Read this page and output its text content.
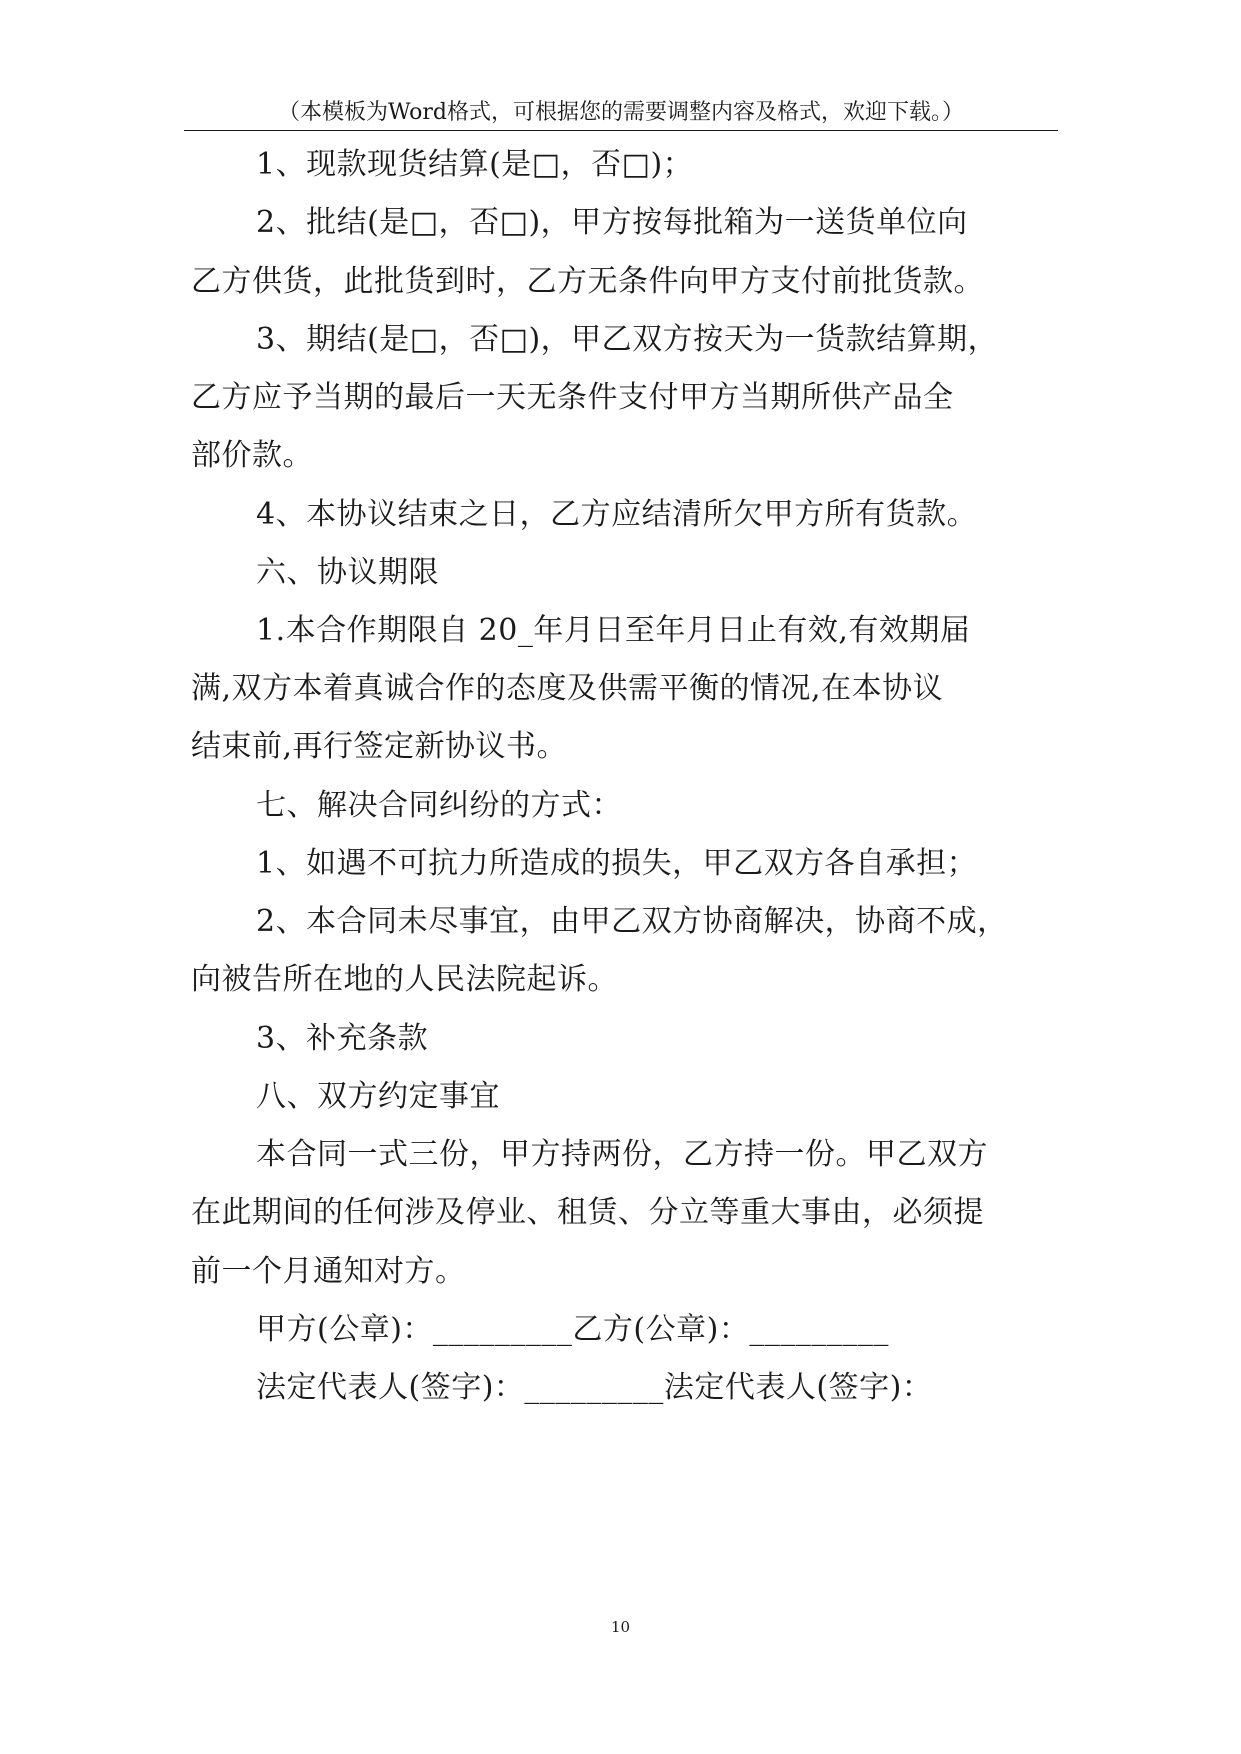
（本模板为Word格式，可根据您的需要调整内容及格式，欢迎下载。）
1、现款现货结算(是□，否□)；
2、批结(是□，否□)，甲方按每批箱为一送货单位向
乙方供货，此批货到时，乙方无条件向甲方支付前批货款。
3、期结(是□，否□)，甲乙双方按天为一货款结算期，
乙方应予当期的最后一天无条件支付甲方当期所供产品全
部价款。
4、本协议结束之日，乙方应结清所欠甲方所有货款。
六、协议期限
1.本合作期限自 20_年月日至年月日止有效,有效期届
满,双方本着真诚合作的态度及供需平衡的情况,在本协议
结束前,再行签定新协议书。
七、解决合同纠纷的方式：
1、如遇不可抗力所造成的损失，甲乙双方各自承担；
2、本合同未尽事宜，由甲乙双方协商解决，协商不成，
向被告所在地的人民法院起诉。
3、补充条款
八、双方约定事宜
本合同一式三份，甲方持两份，乙方持一份。甲乙双方
在此期间的任何涉及停业、租赁、分立等重大事由，必须提
前一个月通知对方。
甲方(公章)：_________乙方(公章)：_________
法定代表人(签字)：_________法定代表人(签字)：
10
